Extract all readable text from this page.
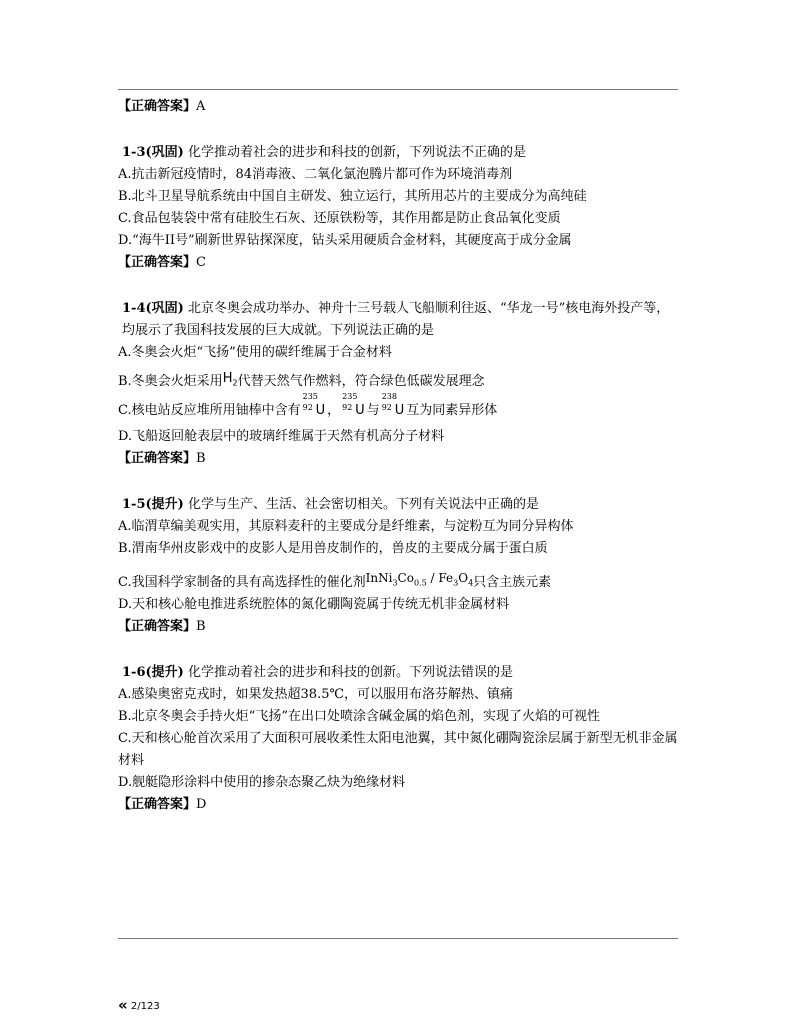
【正确答案】A
1-3(巩固) 化学推动着社会的进步和科技的创新，下列说法不正确的是
A.抗击新冠疫情时，84消毒液、二氧化氯泡腾片都可作为环境消毒剂
B.北斗卫星导航系统由中国自主研发、独立运行，其所用芯片的主要成分为高纯硅
C.食品包装袋中常有硅胶生石灰、还原铁粉等，其作用都是防止食品氧化变质
D.“海牛II号”刷新世界钻探深度，钻头采用硬质合金材料，其硬度高于成分金属
【正确答案】C
1-4(巩固) 北京冬奥会成功举办、神舟十三号载人飞船顺利往返、“华龙一号”核电海外投产等，均展示了我国科技发展的巨大成就。下列说法正确的是
A.冬奥会火炬“飞扬”使用的碳纤维属于合金材料
B.冬奥会火炬采用$H_2$代替天然气作燃料，符合绿色低碳发展理念
C.核电站反应堆所用铀棒中含有
235
92 U ，
235
92 U 与
238
92 U 互为同素异形体
D.飞船返回舱表层中的玻璃纤维属于天然有机高分子材料
【正确答案】B
1-5(提升) 化学与生产、生活、社会密切相关。下列有关说法中正确的是
A.临渭草编美观实用，其原料麦秆的主要成分是纤维素，与淀粉互为同分异构体
B.渭南华州皮影戏中的皮影人是用兽皮制作的，兽皮的主要成分属于蛋白质
C.我国科学家制备的具有高选择性的催化剂$InNi_3Co_{0.5} / Fe_3O_4$只含主族元素
D.天和核心舱电推进系统腔体的氮化硼陶瓷属于传统无机非金属材料
【正确答案】B
1-6(提升) 化学推动着社会的进步和科技的创新。下列说法错误的是
A.感染奥密克戎时，如果发热超38.5℃，可以服用布洛芬解热、镇痛
B.北京冬奥会手持火炬“飞扬”在出口处喷涂含碱金属的焰色剂，实现了火焰的可视性
C.天和核心舱首次采用了大面积可展收柔性太阳电池翼，其中氮化硼陶瓷涂层属于新型无机非金属材料
D.舰艇隐形涂料中使用的掺杂态聚乙炔为绝缘材料
【正确答案】D
« 2/123
